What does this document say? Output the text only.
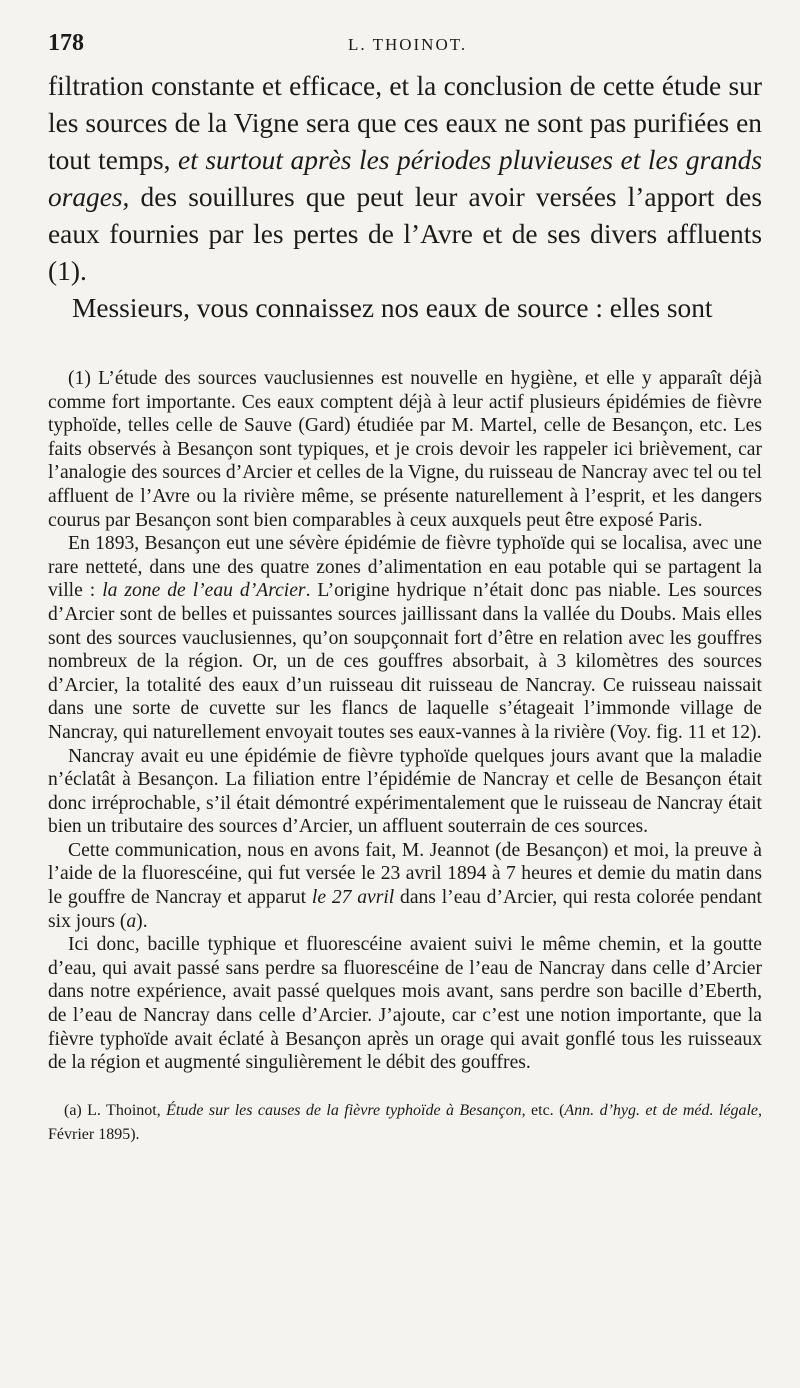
178	L. THOINOT.

filtration constante et efficace, et la conclusion de cette étude sur les sources de la Vigne sera que ces eaux ne sont pas purifiées en tout temps, et surtout après les périodes pluvieuses et les grands orages, des souillures que peut leur avoir versées l’apport des eaux fournies par les pertes de l’Avre et de ses divers affluents (1).

Messieurs, vous connaissez nos eaux de source : elles sont

(1) L’étude des sources vauclusiennes est nouvelle en hygiène, et elle y apparaît déjà comme fort importante. Ces eaux comptent déjà à leur actif plusieurs épidémies de fièvre typhoïde, telles celle de Sauve (Gard) étudiée par M. Martel, celle de Besançon, etc. Les faits observés à Besançon sont typiques, et je crois devoir les rappeler ici brièvement, car l’analogie des sources d’Arcier et celles de la Vigne, du ruisseau de Nancray avec tel ou tel affluent de l’Avre ou la rivière même, se présente naturellement à l’esprit, et les dangers courus par Besançon sont bien comparables à ceux auxquels peut être exposé Paris.

En 1893, Besançon eut une sévère épidémie de fièvre typhoïde qui se localisa, avec une rare netteté, dans une des quatre zones d’alimentation en eau potable qui se partagent la ville : la zone de l’eau d’Arcier. L’origine hydrique n’était donc pas niable. Les sources d’Arcier sont de belles et puissantes sources jaillissant dans la vallée du Doubs. Mais elles sont des sources vauclusiennes, qu’on soupçonnait fort d’être en relation avec les gouffres nombreux de la région. Or, un de ces gouffres absorbait, à 3 kilomètres des sources d’Arcier, la totalité des eaux d’un ruisseau dit ruisseau de Nancray. Ce ruisseau naissait dans une sorte de cuvette sur les flancs de laquelle s’étageait l’immonde village de Nancray, qui naturellement envoyait toutes ses eaux-vannes à la rivière (Voy. fig. 11 et 12).

Nancray avait eu une épidémie de fièvre typhoïde quelques jours avant que la maladie n’éclatât à Besançon. La filiation entre l’épidémie de Nancray et celle de Besançon était donc irréprochable, s’il était démontré expérimentalement que le ruisseau de Nancray était bien un tributaire des sources d’Arcier, un affluent souterrain de ces sources.

Cette communication, nous en avons fait, M. Jeannot (de Besançon) et moi, la preuve à l’aide de la fluorescéine, qui fut versée le 23 avril 1894 à 7 heures et demie du matin dans le gouffre de Nancray et apparut le 27 avril dans l’eau d’Arcier, qui resta colorée pendant six jours (a).

Ici donc, bacille typhique et fluorescéine avaient suivi le même chemin, et la goutte d’eau, qui avait passé sans perdre sa fluorescéine de l’eau de Nancray dans celle d’Arcier dans notre expérience, avait passé quelques mois avant, sans perdre son bacille d’Eberth, de l’eau de Nancray dans celle d’Arcier. J’ajoute, car c’est une notion importante, que la fièvre typhoïde avait éclaté à Besançon après un orage qui avait gonflé tous les ruisseaux de la région et augmenté singulièrement le débit des gouffres.

(a) L. Thoinot, Étude sur les causes de la fièvre typhoïde à Besançon, etc. (Ann. d’hyg. et de méd. légale, Février 1895).
